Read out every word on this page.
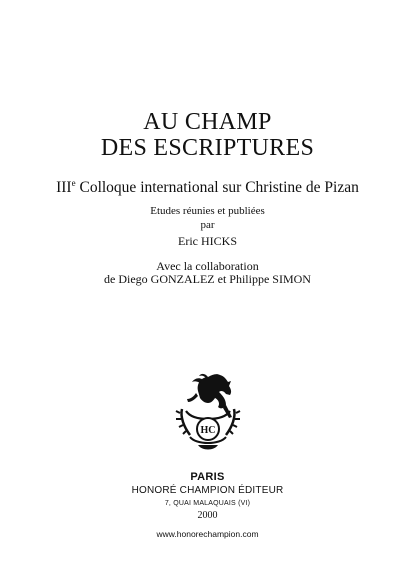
AU CHAMP
DES ESCRIPTURES
IIIe Colloque international sur Christine de Pizan
Etudes réunies et publiées
par
Eric HICKS
Avec la collaboration
de Diego GONZALEZ et Philippe SIMON
HC
PARIS
HONORÉ CHAMPION ÉDITEUR
7, QUAI MALAQUAIS (VI)
2000
www.honorechampion.com
